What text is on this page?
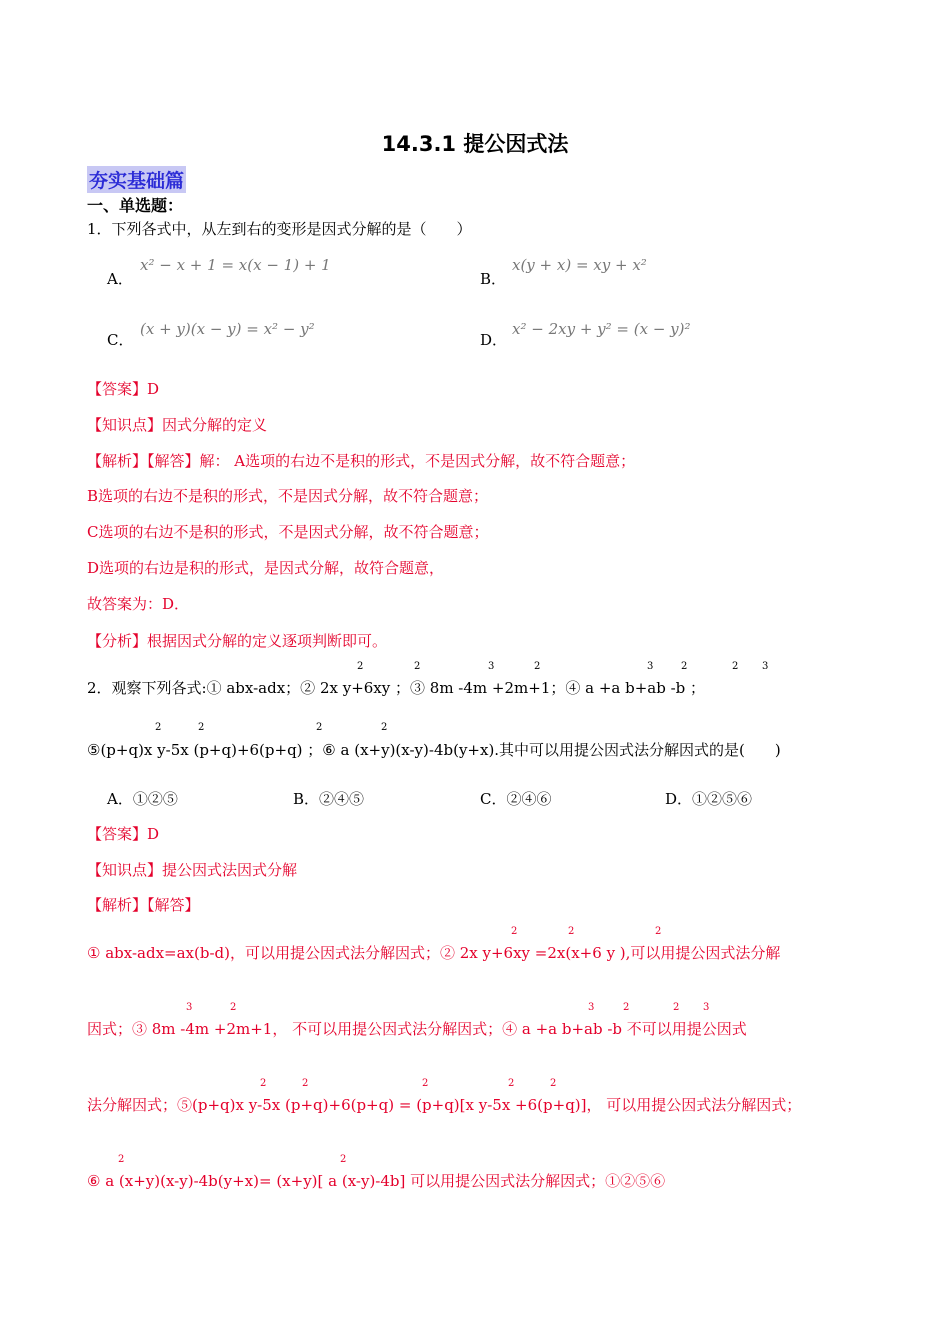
14.3.1 提公因式法
夯实基础篇
一、单选题：
1．下列各式中，从左到右的变形是因式分解的是（　　）
A．
x² − x + 1 = x(x − 1) + 1
B．
x(y + x) = xy + x²
C．
(x + y)(x − y) = x² − y²
D．
x² − 2xy + y² = (x − y)²
【答案】D
【知识点】因式分解的定义
【解析】【解答】解： A选项的右边不是积的形式，不是因式分解，故不符合题意；
B选项的右边不是积的形式，不是因式分解，故不符合题意；
C选项的右边不是积的形式，不是因式分解，故不符合题意；
D选项的右边是积的形式，是因式分解，故符合题意，
故答案为：D．
【分析】根据因式分解的定义逐项判断即可。
2	2	3	2	3	2	2 3
2．观察下列各式:① abx-adx；② 2x y+6xy ；③ 8m -4m +2m+1；④ a +a b+ab -b ；
2	2	2	2
⑤(p+q)x y-5x (p+q)+6(p+q) ；⑥ a (x+y)(x-y)-4b(y+x).其中可以用提公因式法分解因式的是(　　)
A．①②⑤	B．②④⑤	C．②④⑥	D．①②⑤⑥
【答案】D
【知识点】提公因式法因式分解
【解析】【解答】
2	2	2
① abx-adx=ax(b-d)，可以用提公因式法分解因式；② 2x y+6xy =2x(x+6 y ),可以用提公因式法分解
3	2	3	2	2 3
因式；③ 8m -4m +2m+1， 不可以用提公因式法分解因式；④ a +a b+ab -b 不可以用提公因式
2	2	2	2	2
法分解因式；⑤(p+q)x y-5x (p+q)+6(p+q) = (p+q)[x y-5x +6(p+q)]， 可以用提公因式法分解因式；
2	2
⑥ a (x+y)(x-y)-4b(y+x)= (x+y)[ a (x-y)-4b] 可以用提公因式法分解因式；①②⑤⑥
